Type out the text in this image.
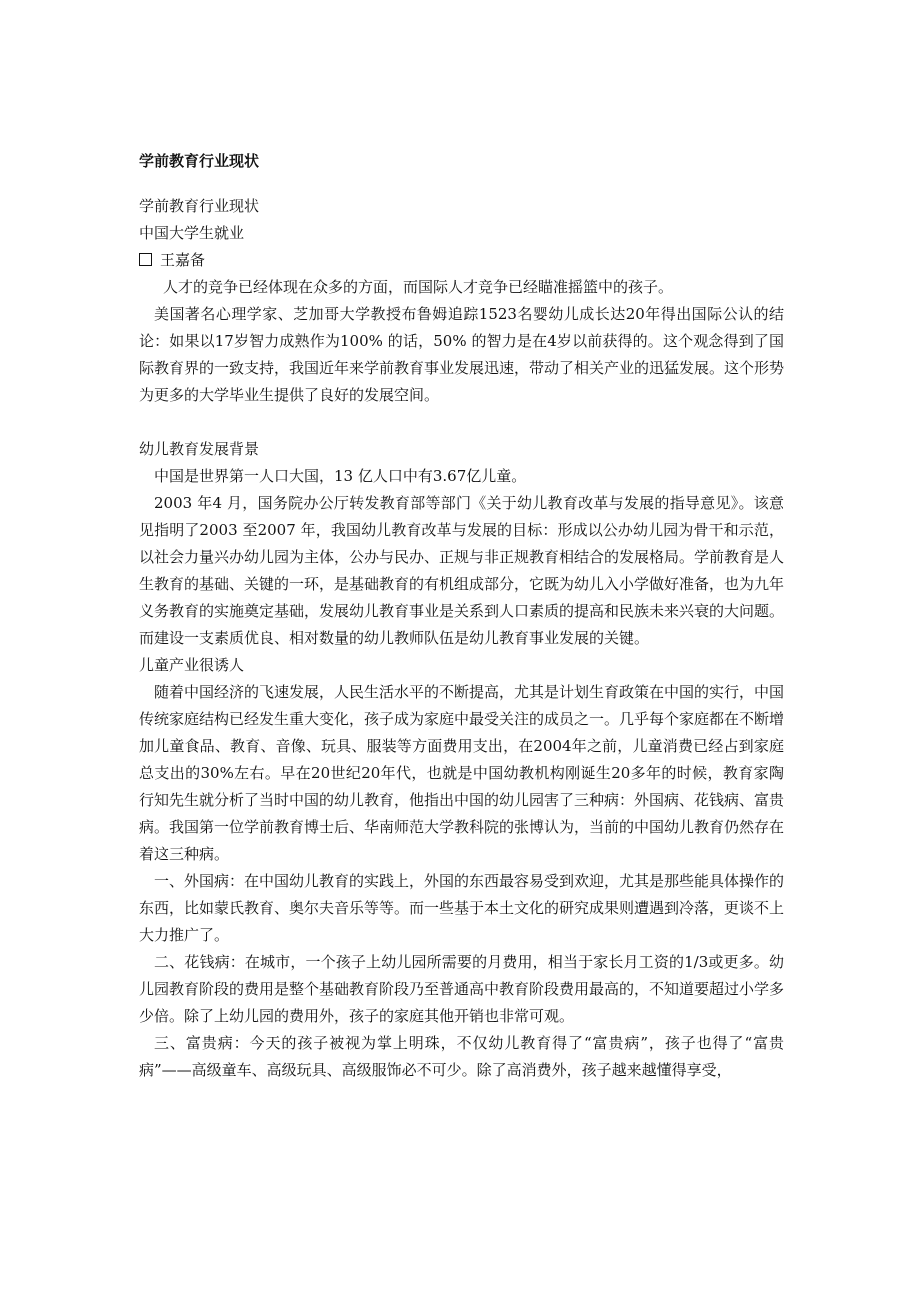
学前教育行业现状

学前教育行业现状

中国大学生就业

王嘉备

人才的竞争已经体现在众多的方面，而国际人才竞争已经瞄准摇篮中的孩子。

美国著名心理学家、芝加哥大学教授布鲁姆追踪1523名婴幼儿成长达20年得出国际公认的结论：如果以17岁智力成熟作为100% 的话，50% 的智力是在4岁以前获得的。这个观念得到了国际教育界的一致支持，我国近年来学前教育事业发展迅速，带动了相关产业的迅猛发展。这个形势为更多的大学毕业生提供了良好的发展空间。

幼儿教育发展背景

中国是世界第一人口大国，13 亿人口中有3.67亿儿童。

2003 年4 月，国务院办公厅转发教育部等部门《关于幼儿教育改革与发展的指导意见》。该意见指明了2003 至2007 年，我国幼儿教育改革与发展的目标：形成以公办幼儿园为骨干和示范，以社会力量兴办幼儿园为主体，公办与民办、正规与非正规教育相结合的发展格局。学前教育是人生教育的基础、关键的一环，是基础教育的有机组成部分，它既为幼儿入小学做好准备，也为九年义务教育的实施奠定基础，发展幼儿教育事业是关系到人口素质的提高和民族未来兴衰的大问题。而建设一支素质优良、相对数量的幼儿教师队伍是幼儿教育事业发展的关键。

儿童产业很诱人

随着中国经济的飞速发展，人民生活水平的不断提高，尤其是计划生育政策在中国的实行，中国传统家庭结构已经发生重大变化，孩子成为家庭中最受关注的成员之一。几乎每个家庭都在不断增加儿童食品、教育、音像、玩具、服装等方面费用支出，在2004年之前，儿童消费已经占到家庭总支出的30%左右。早在20世纪20年代，也就是中国幼教机构刚诞生20多年的时候，教育家陶行知先生就分析了当时中国的幼儿教育，他指出中国的幼儿园害了三种病：外国病、花钱病、富贵病。我国第一位学前教育博士后、华南师范大学教科院的张博认为，当前的中国幼儿教育仍然存在着这三种病。

一、外国病：在中国幼儿教育的实践上，外国的东西最容易受到欢迎，尤其是那些能具体操作的东西，比如蒙氏教育、奥尔夫音乐等等。而一些基于本土文化的研究成果则遭遇到冷落，更谈不上大力推广了。

二、花钱病：在城市，一个孩子上幼儿园所需要的月费用，相当于家长月工资的1/3或更多。幼儿园教育阶段的费用是整个基础教育阶段乃至普通高中教育阶段费用最高的，不知道要超过小学多少倍。除了上幼儿园的费用外，孩子的家庭其他开销也非常可观。

三、富贵病：今天的孩子被视为掌上明珠，不仅幼儿教育得了“富贵病”，孩子也得了“富贵病”——高级童车、高级玩具、高级服饰必不可少。除了高消费外，孩子越来越懂得享受，
